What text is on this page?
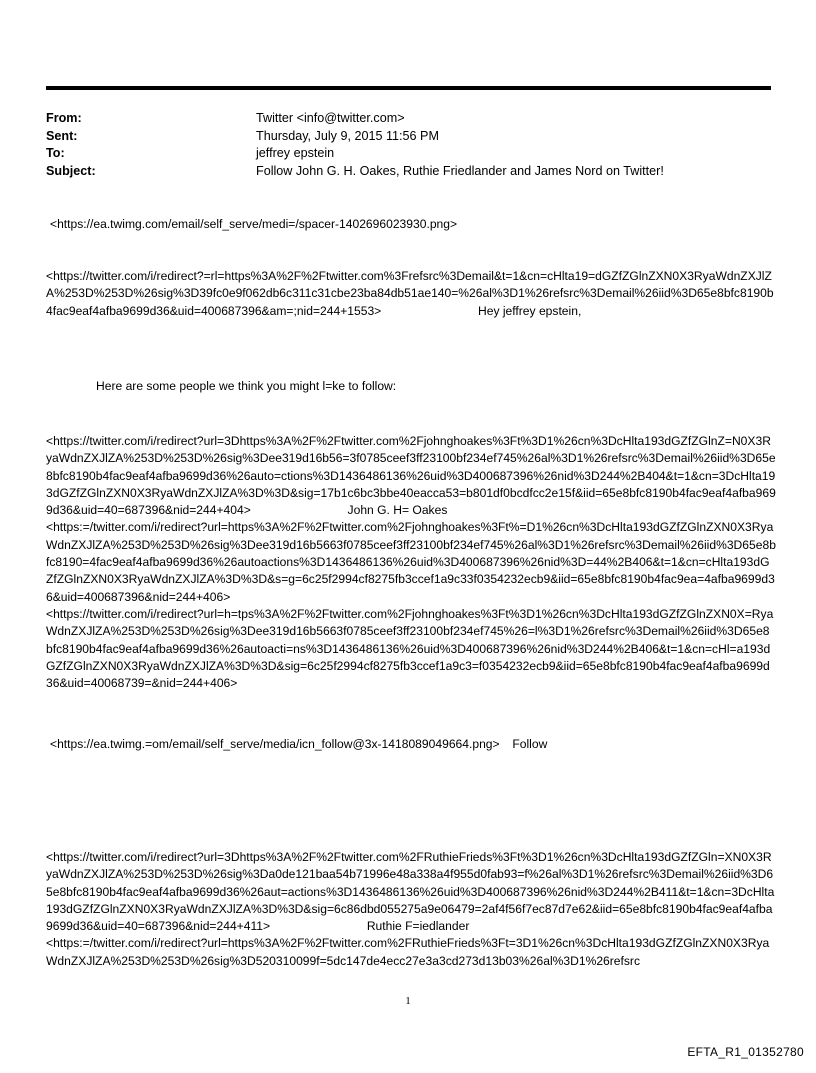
From:	Twitter <info@twitter.com>
Sent:	Thursday, July 9, 2015 11:56 PM
To:	jeffrey epstein
Subject:	Follow John G. H. Oakes, Ruthie Friedlander and James Nord on Twitter!
<https://ea.twimg.com/email/self_serve/medi=/spacer-1402696023930.png>
<https://twitter.com/i/redirect?=rl=https%3A%2F%2Ftwitter.com%3Frefsrc%3Demail&t=1&cn=cHlta19=dGZfZGlnZXN0X3RyaWdnZXJlZA%253D%253D%26sig%3D39fc0e9f062db6c311c31cbe23ba84db51ae140=%26al%3D1%26refsrc%3Demail%26iid%3D65e8bfc8190b4fac9eaf4afba9699d36&uid=400687396&am=;nid=244+1553>	Hey jeffrey epstein,
Here are some people we think you might l=ke to follow:
<https://twitter.com/i/redirect?url=3Dhttps%3A%2F%2Ftwitter.com%2Fjohnghoakes%3Ft%3D1%26cn%3DcHlta193dGZfZGlnZ=N0X3RyaWdnZXJlZA%253D%253D%26sig%3Dee319d16b56=3f0785ceef3ff23100bf234ef745%26al%3D1%26refsrc%3Demail%26iid%3D65e8bfc8190b4fac9eaf4afba9699d36%26auto=ctions%3D1436486136%26uid%3D400687396%26nid%3D244%2B404&t=1&cn=3DcHlta193dGZfZGlnZXN0X3RyaWdnZXJlZA%3D%3D&sig=17b1c6bc3bbe40eacca53=b801df0bcdfcc2e15f&iid=65e8bfc8190b4fac9eaf4afba9699d36&uid=40=687396&nid=244+404>	John G. H= Oakes
<https:=/twitter.com/i/redirect?url=https%3A%2F%2Ftwitter.com%2Fjohnghoakes%3Ft%=D1%26cn%3DcHlta193dGZfZGlnZXN0X3RyaWdnZXJlZA%253D%253D%26sig%3Dee319d16b5663f0785ceef3ff23100bf234ef745%26al%3D1%26refsrc%3Demail%26iid%3D65e8bfc8190=4fac9eaf4afba9699d36%26autoactions%3D1436486136%26uid%3D400687396%26nid%3D=44%2B406&t=1&cn=cHlta193dGZfZGlnZXN0X3RyaWdnZXJlZA%3D%3D&s=g=6c25f2994cf8275fb3ccef1a9c33f0354232ecb9&iid=65e8bfc8190b4fac9ea=4afba9699d36&uid=400687396&nid=244+406>
<https://twitter.com/i/redirect?url=h=tps%3A%2F%2Ftwitter.com%2Fjohnghoakes%3Ft%3D1%26cn%3DcHlta193dGZfZGlnZXN0X=RyaWdnZXJlZA%253D%253D%26sig%3Dee319d16b5663f0785ceef3ff23100bf234ef745%26=l%3D1%26refsrc%3Demail%26iid%3D65e8bfc8190b4fac9eaf4afba9699d36%26autoacti=ns%3D1436486136%26uid%3D400687396%26nid%3D244%2B406&t=1&cn=cHl=a193dGZfZGlnZXN0X3RyaWdnZXJlZA%3D%3D&sig=6c25f2994cf8275fb3ccef1a9c3=f0354232ecb9&iid=65e8bfc8190b4fac9eaf4afba9699d36&uid=40068739=&nid=244+406>
<https://ea.twimg.=om/email/self_serve/media/icn_follow@3x-1418089049664.png> Follow
<https://twitter.com/i/redirect?url=3Dhttps%3A%2F%2Ftwitter.com%2FRuthieFrieds%3Ft%3D1%26cn%3DcHlta193dGZfZGln=XN0X3RyaWdnZXJlZA%253D%253D%26sig%3Da0de121baa54b71996e48a338a4f955d0fab93=f%26al%3D1%26refsrc%3Demail%26iid%3D65e8bfc8190b4fac9eaf4afba9699d36%26aut=actions%3D1436486136%26uid%3D400687396%26nid%3D244%2B411&t=1&cn=3DcHlta193dGZfZGlnZXN0X3RyaWdnZXJlZA%3D%3D&sig=6c86dbd055275a9e06479=2af4f56f7ec87d7e62&iid=65e8bfc8190b4fac9eaf4afba9699d36&uid=40=687396&nid=244+411>	Ruthie F=iedlander
<https:=/twitter.com/i/redirect?url=https%3A%2F%2Ftwitter.com%2FRuthieFrieds%3Ft=3D1%26cn%3DcHlta193dGZfZGlnZXN0X3RyaWdnZXJlZA%253D%253D%26sig%3D520310099f=5dc147de4ecc27e3a3cd273d13b03%26al%3D1%26refsrc
1
EFTA_R1_01352780
